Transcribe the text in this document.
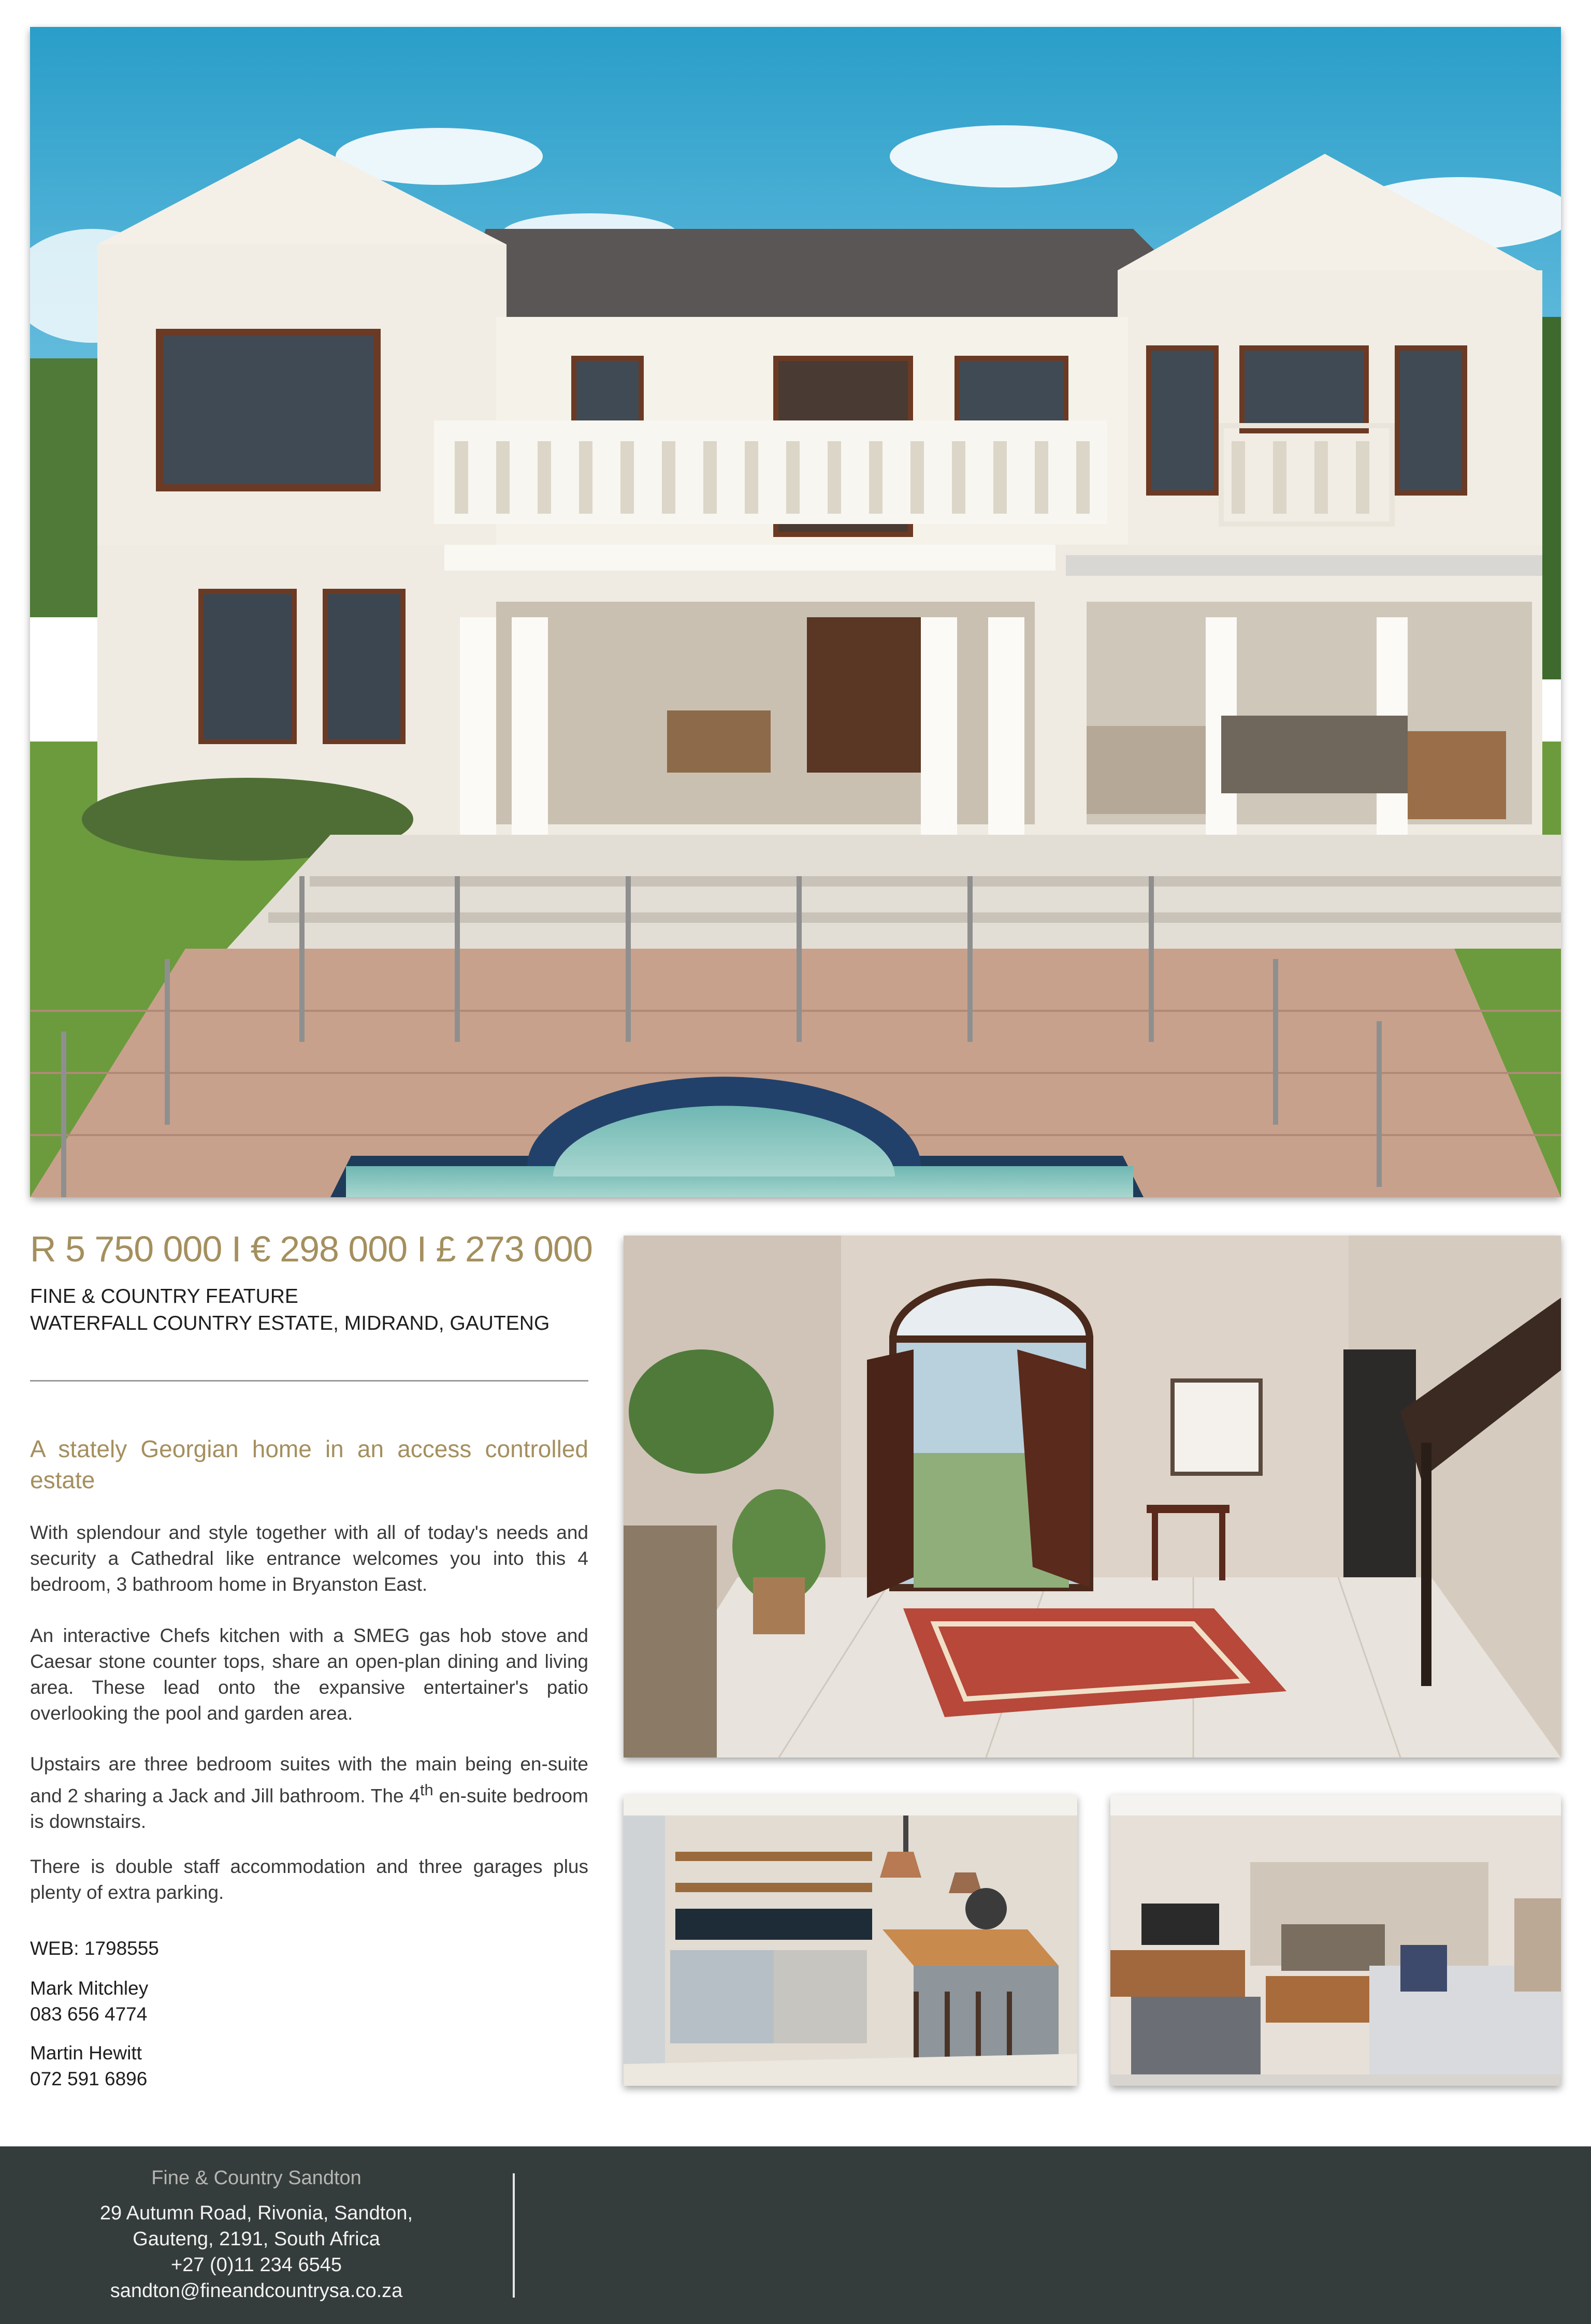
R 5 750 000 I € 298 000 I £ 273 000
FINE & COUNTRY FEATURE
WATERFALL COUNTRY ESTATE, MIDRAND, GAUTENG
A stately Georgian home in an access controlled estate
With splendour and style together with all of today's needs and security a Cathedral like entrance welcomes you into this 4 bedroom, 3 bathroom home in Bryanston East.
An interactive Chefs kitchen with a SMEG gas hob stove and Caesar stone counter tops, share an open-plan dining and living area. These lead onto the expansive entertainer's patio overlooking the pool and garden area.
Upstairs are three bedroom suites with the main being en-suite and 2 sharing a Jack and Jill bathroom. The 4th en-suite bedroom is downstairs.
There is double staff accommodation and three garages plus plenty of extra parking.
WEB: 1798555
Mark Mitchley
083 656 4774
Martin Hewitt
072 591 6896
Fine & Country Sandton
29 Autumn Road, Rivonia, Sandton,
Gauteng, 2191, South Africa
+27 (0)11 234 6545
sandton@fineandcountrysa.co.za
